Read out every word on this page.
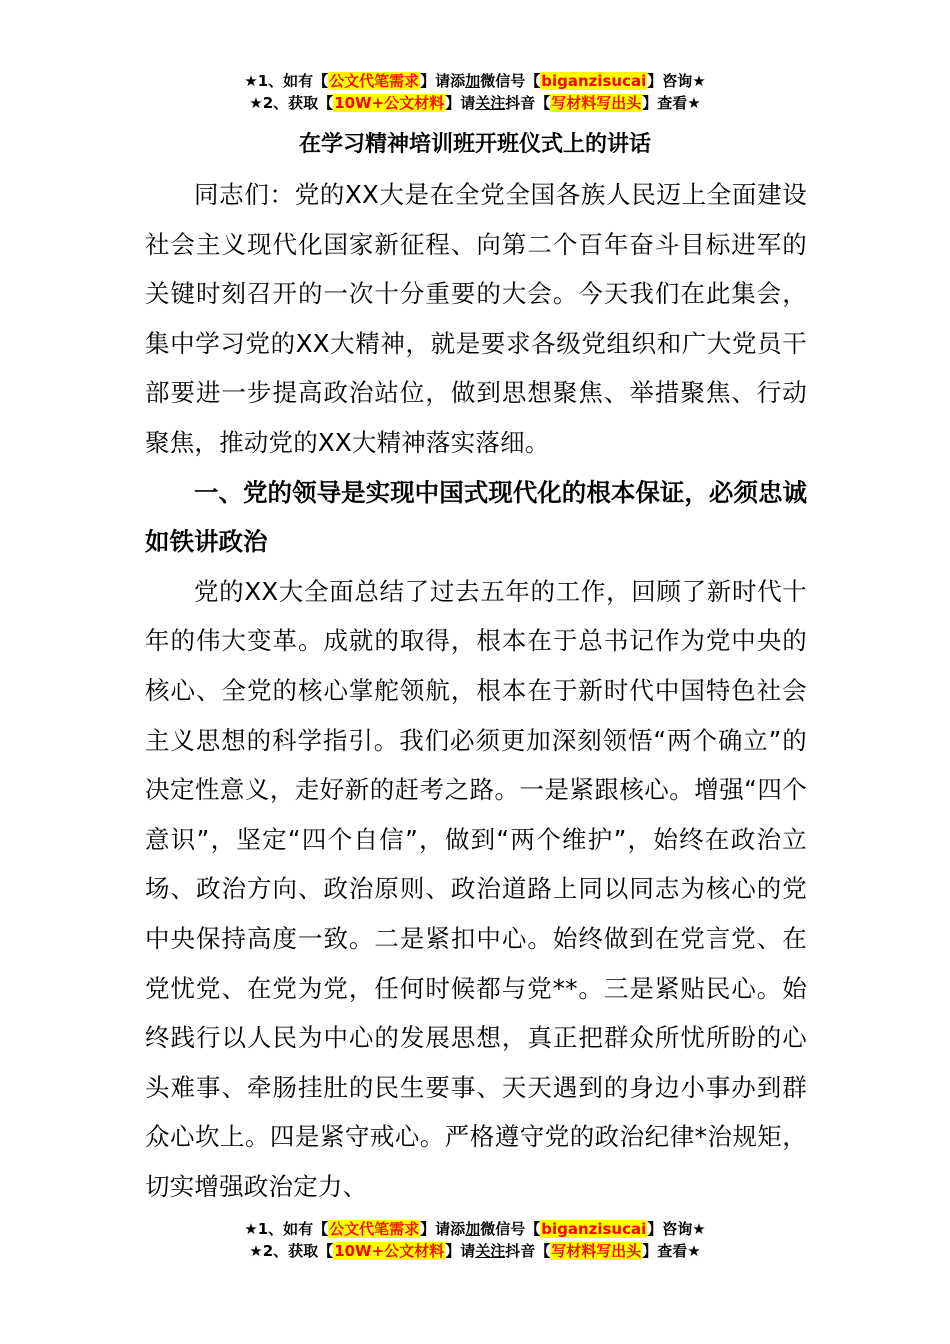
★1、如有【公文代笔需求】请添加微信号【biganzisucai】咨询★
★2、获取【10W+公文材料】请关注抖音【写材料写出头】查看★
在学习精神培训班开班仪式上的讲话

同志们：党的XX大是在全党全国各族人民迈上全面建设社会主义现代化国家新征程、向第二个百年奋斗目标进军的关键时刻召开的一次十分重要的大会。今天我们在此集会，集中学习党的XX大精神，就是要求各级党组织和广大党员干部要进一步提高政治站位，做到思想聚焦、举措聚焦、行动聚焦，推动党的XX大精神落实落细。

一、党的领导是实现中国式现代化的根本保证，必须忠诚如铁讲政治

党的XX大全面总结了过去五年的工作，回顾了新时代十年的伟大变革。成就的取得，根本在于总书记作为党中央的核心、全党的核心掌舵领航，根本在于新时代中国特色社会主义思想的科学指引。我们必须更加深刻领悟“两个确立”的决定性意义，走好新的赶考之路。一是紧跟核心。增强“四个意识”，坚定“四个自信”，做到“两个维护”，始终在政治立场、政治方向、政治原则、政治道路上同以同志为核心的党中央保持高度一致。二是紧扣中心。始终做到在党言党、在党忧党、在党为党，任何时候都与党**。三是紧贴民心。始终践行以人民为中心的发展思想，真正把群众所忧所盼的心头难事、牵肠挂肚的民生要事、天天遇到的身边小事办到群众心坎上。四是紧守戒心。严格遵守党的政治纪律*治规矩，切实增强政治定力、

★1、如有【公文代笔需求】请添加微信号【biganzisucai】咨询★
★2、获取【10W+公文材料】请关注抖音【写材料写出头】查看★
